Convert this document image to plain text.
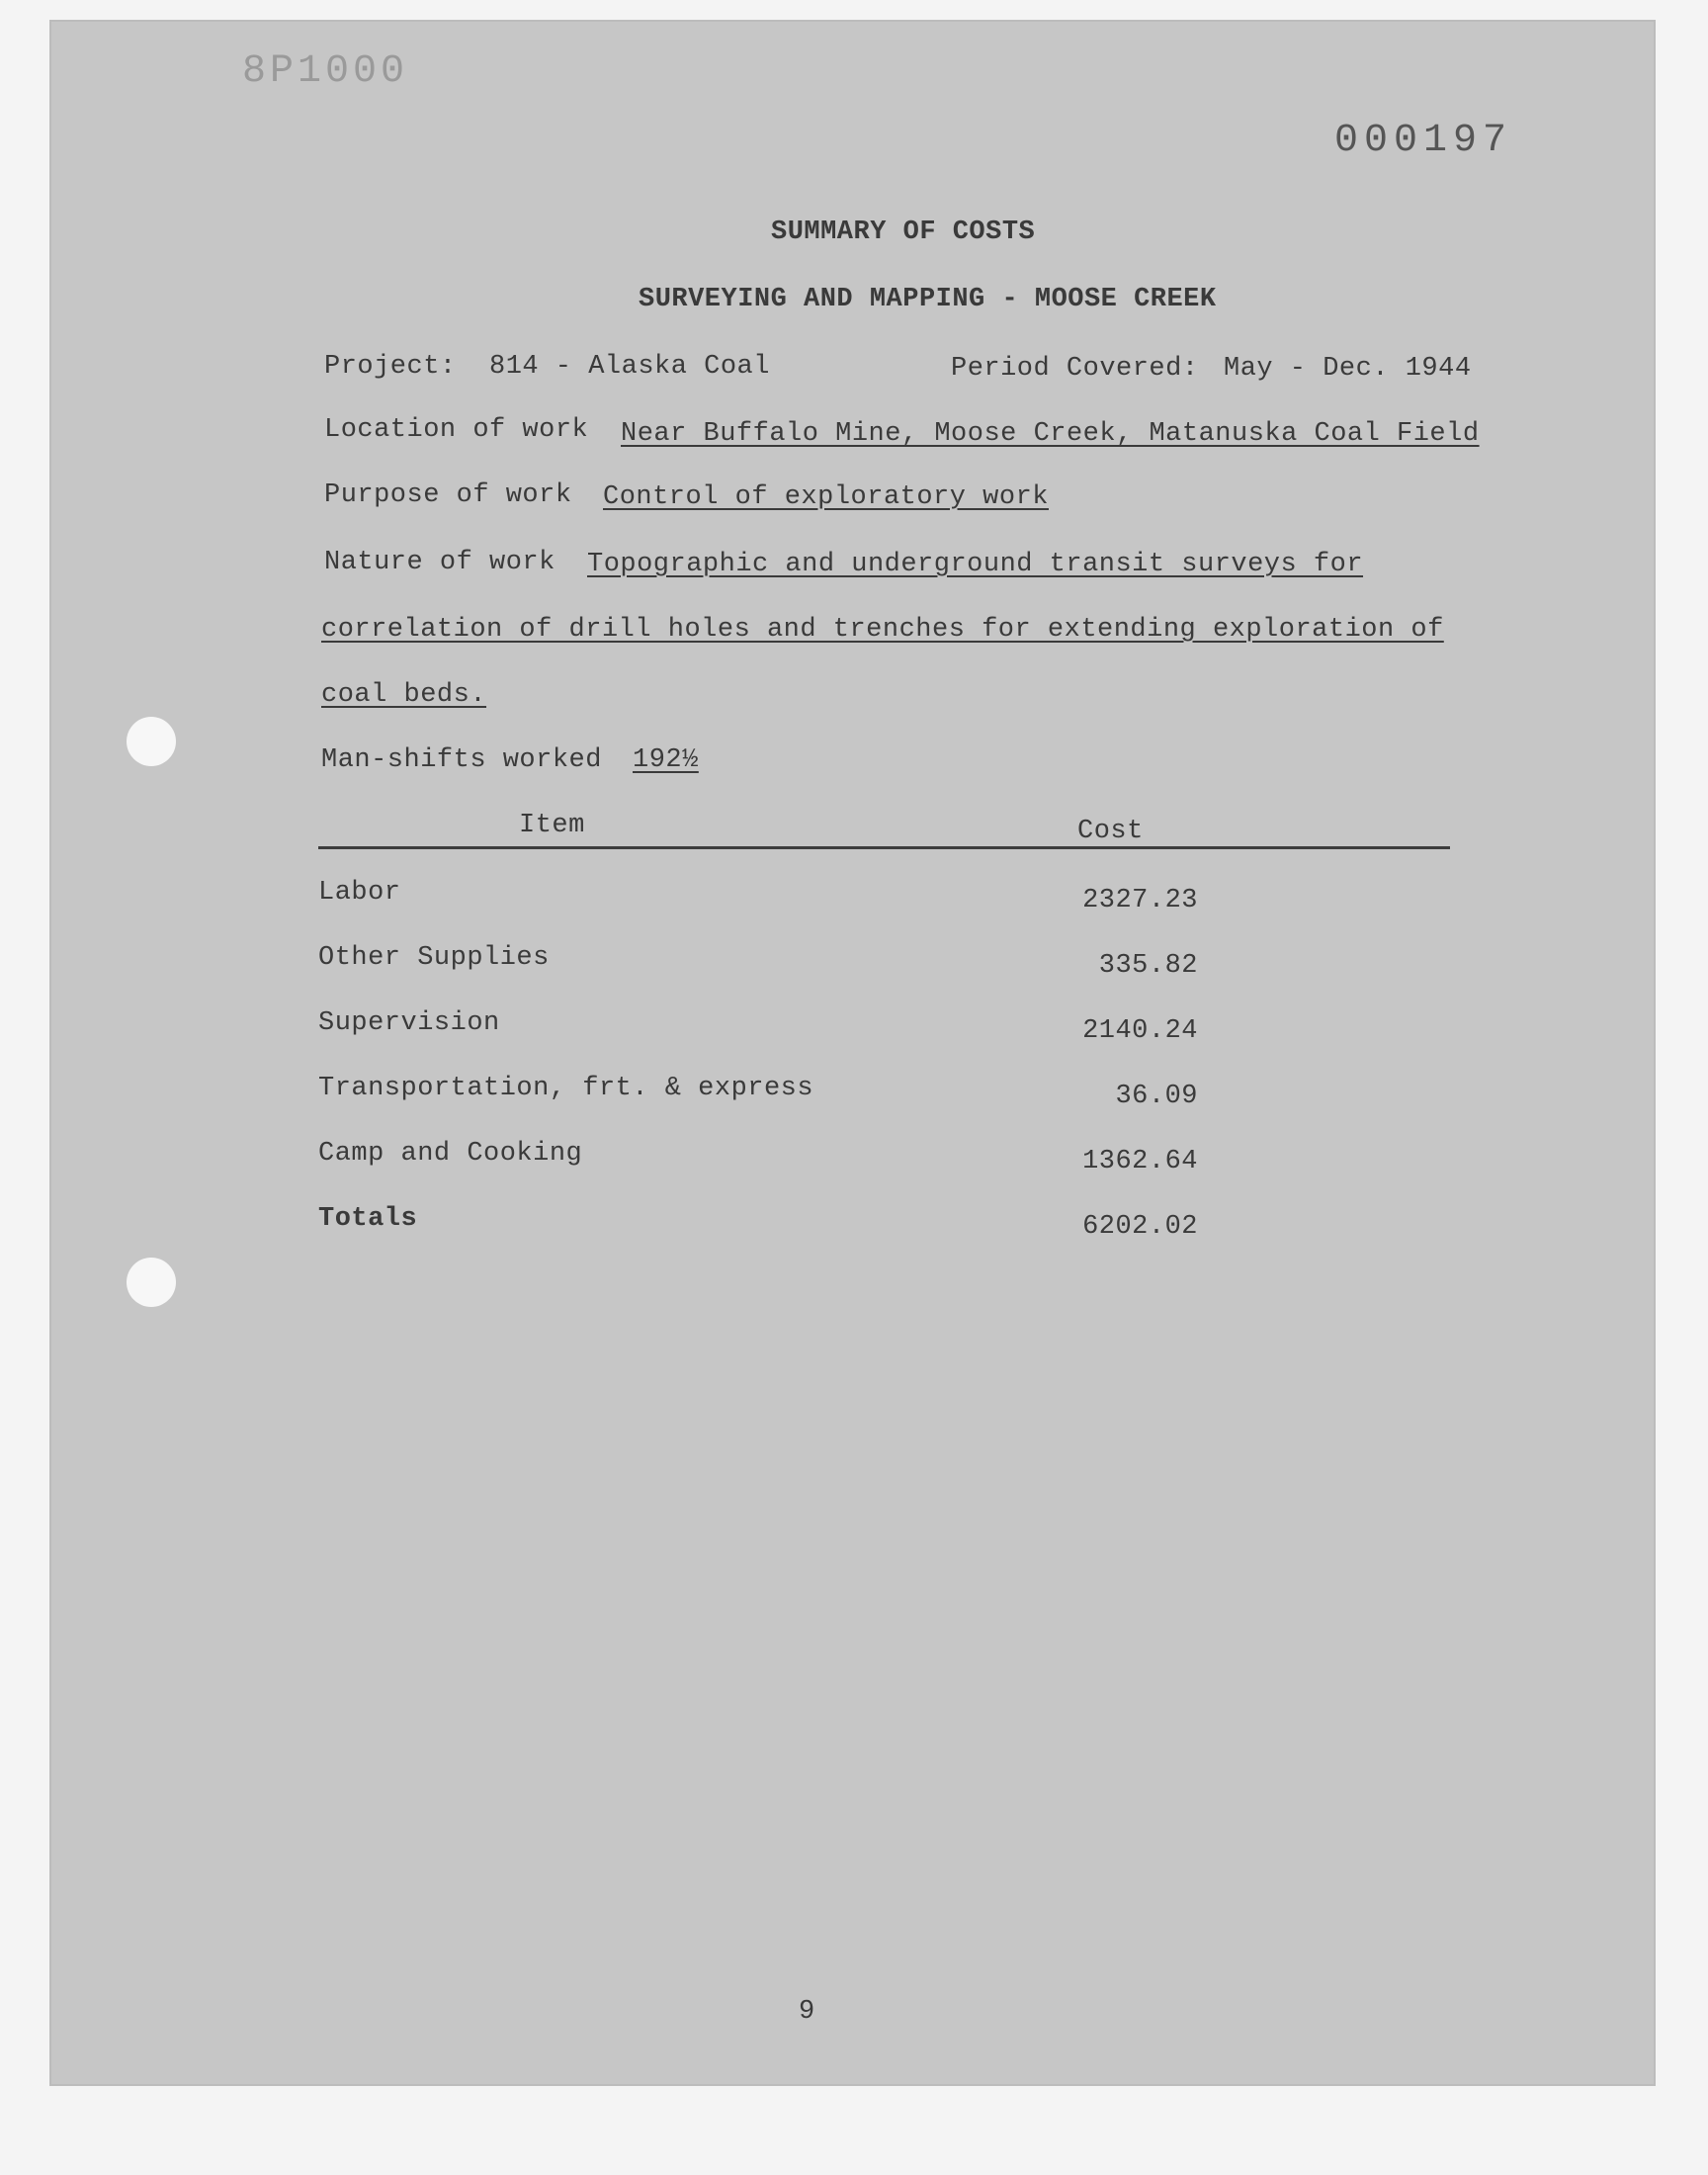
8P1000
000197
SUMMARY OF COSTS
SURVEYING AND MAPPING - MOOSE CREEK
Project: 814 - Alaska Coal	Period Covered: May - Dec. 1944
Location of work Near Buffalo Mine, Moose Creek, Matanuska Coal Field
Purpose of work Control of exploratory work
Nature of work Topographic and underground transit surveys for
correlation of drill holes and trenches for extending exploration of
coal beds.
Man-shifts worked 192½
Item	Cost
Labor	2327.23
Other Supplies	335.82
Supervision	2140.24
Transportation, frt. & express	36.09
Camp and Cooking	1362.64
Totals	6202.02
9
